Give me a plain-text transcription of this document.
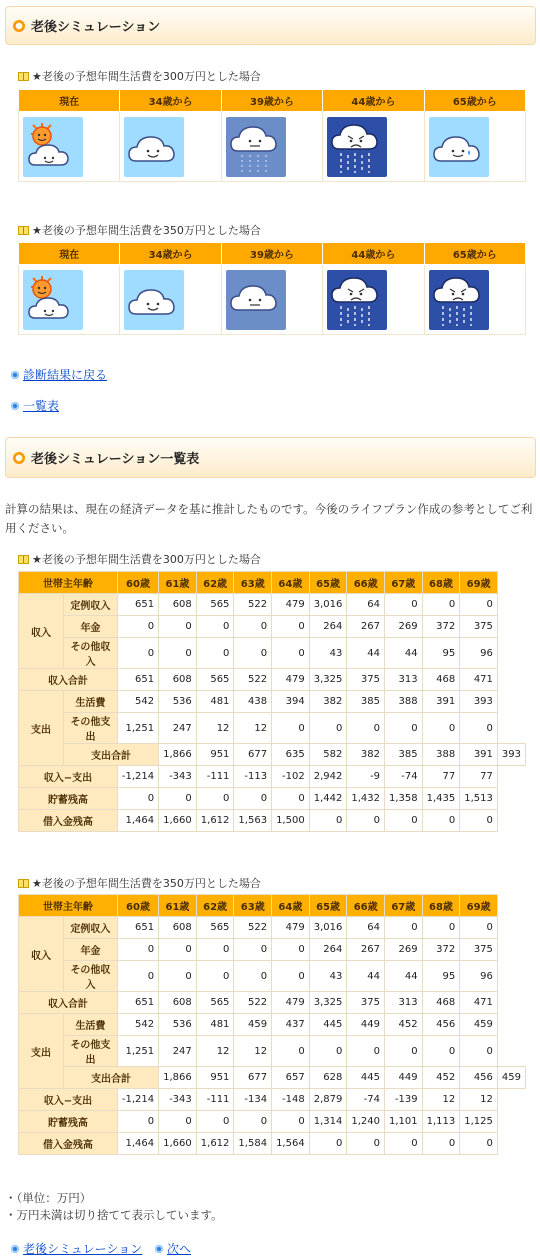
老後シミュレーション
★老後の予想年間生活費を300万円とした場合
現在	34歳から	39歳から	44歳から	65歳から

★老後の予想年間生活費を350万円とした場合
現在	34歳から	39歳から	44歳から	65歳から

診断結果に戻る
一覧表
老後シミュレーション一覧表

計算の結果は、現在の経済データを基に推計したものです。今後のライフプラン作成の参考としてご利用ください。

★老後の予想年間生活費を300万円とした場合
世帯主年齢		60歳	61歳	62歳	63歳	64歳	65歳	66歳	67歳	68歳	69歳	
収入	定例収入	651	608	565	522	479	3,016	64	0	0	0	
	年金	0	0	0	0	0	264	267	269	372	375	
	その他収入	0	0	0	0	0	43	44	44	95	96	
収入合計		651	608	565	522	479	3,325	375	313	468	471	
支出	生活費	542	536	481	438	394	382	385	388	391	393	
	その他支出	1,251	247	12	12	0	0	0	0	0	0	
	支出合計		1,866	951	677	635	582	382	385	388	391	393
収入−支出		-1,214	-343	-111	-113	-102	2,942	-9	-74	77	77	
貯蓄残高		0	0	0	0	0	1,442	1,432	1,358	1,435	1,513	
借入金残高		1,464	1,660	1,612	1,563	1,500	0	0	0	0	0	
★老後の予想年間生活費を350万円とした場合
世帯主年齢		60歳	61歳	62歳	63歳	64歳	65歳	66歳	67歳	68歳	69歳	
収入	定例収入	651	608	565	522	479	3,016	64	0	0	0	
	年金	0	0	0	0	0	264	267	269	372	375	
	その他収入	0	0	0	0	0	43	44	44	95	96	
収入合計		651	608	565	522	479	3,325	375	313	468	471	
支出	生活費	542	536	481	459	437	445	449	452	456	459	
	その他支出	1,251	247	12	12	0	0	0	0	0	0	
	支出合計		1,866	951	677	657	628	445	449	452	456	459
収入−支出		-1,214	-343	-111	-134	-148	2,879	-74	-139	12	12	
貯蓄残高		0	0	0	0	0	1,314	1,240	1,101	1,113	1,125	
借入金残高		1,464	1,660	1,612	1,584	1,564	0	0	0	0	0	
・（単位：万円）
・万円未満は切り捨てて表示しています。
老後シミュレーション 次へ
